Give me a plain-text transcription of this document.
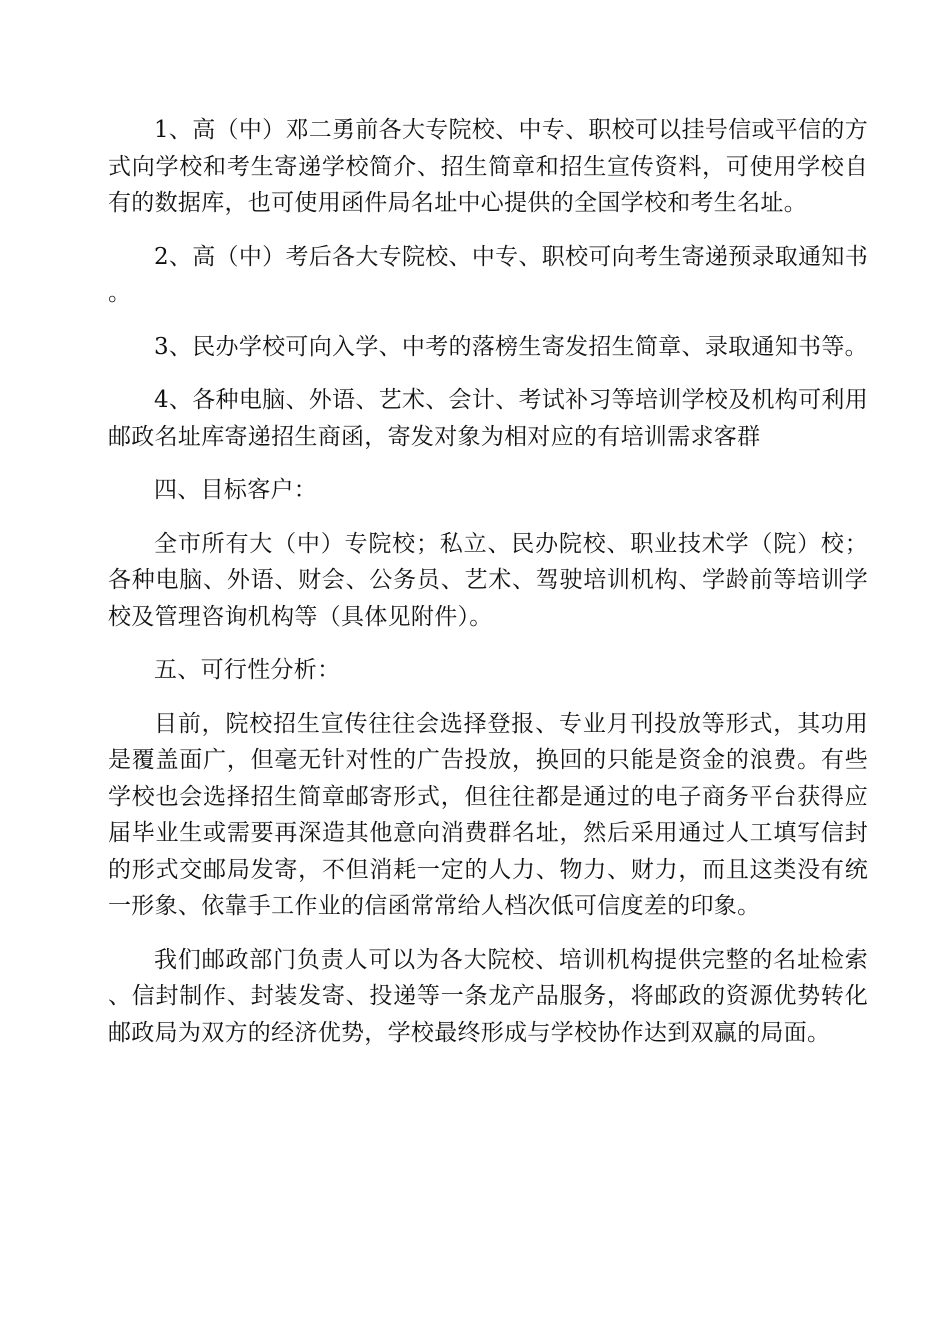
1、高（中）邓二勇前各大专院校、中专、职校可以挂号信或平信的方式向学校和考生寄递学校简介、招生简章和招生宣传资料，可使用学校自有的数据库，也可使用函件局名址中心提供的全国学校和考生名址。

2、高（中）考后各大专院校、中专、职校可向考生寄递预录取通知书。

3、民办学校可向入学、中考的落榜生寄发招生简章、录取通知书等。

4、各种电脑、外语、艺术、会计、考试补习等培训学校及机构可利用邮政名址库寄递招生商函，寄发对象为相对应的有培训需求客群

四、目标客户：

全市所有大（中）专院校；私立、民办院校、职业技术学（院）校；各种电脑、外语、财会、公务员、艺术、驾驶培训机构、学龄前等培训学校及管理咨询机构等（具体见附件）。

五、可行性分析：

目前，院校招生宣传往往会选择登报、专业月刊投放等形式，其功用是覆盖面广，但毫无针对性的广告投放，换回的只能是资金的浪费。有些学校也会选择招生简章邮寄形式，但往往都是通过的电子商务平台获得应届毕业生或需要再深造其他意向消费群名址，然后采用通过人工填写信封的形式交邮局发寄，不但消耗一定的人力、物力、财力，而且这类没有统一形象、依靠手工作业的信函常常给人档次低可信度差的印象。

我们邮政部门负责人可以为各大院校、培训机构提供完整的名址检索、信封制作、封装发寄、投递等一条龙产品服务，将邮政的资源优势转化邮政局为双方的经济优势，学校最终形成与学校协作达到双赢的局面。
